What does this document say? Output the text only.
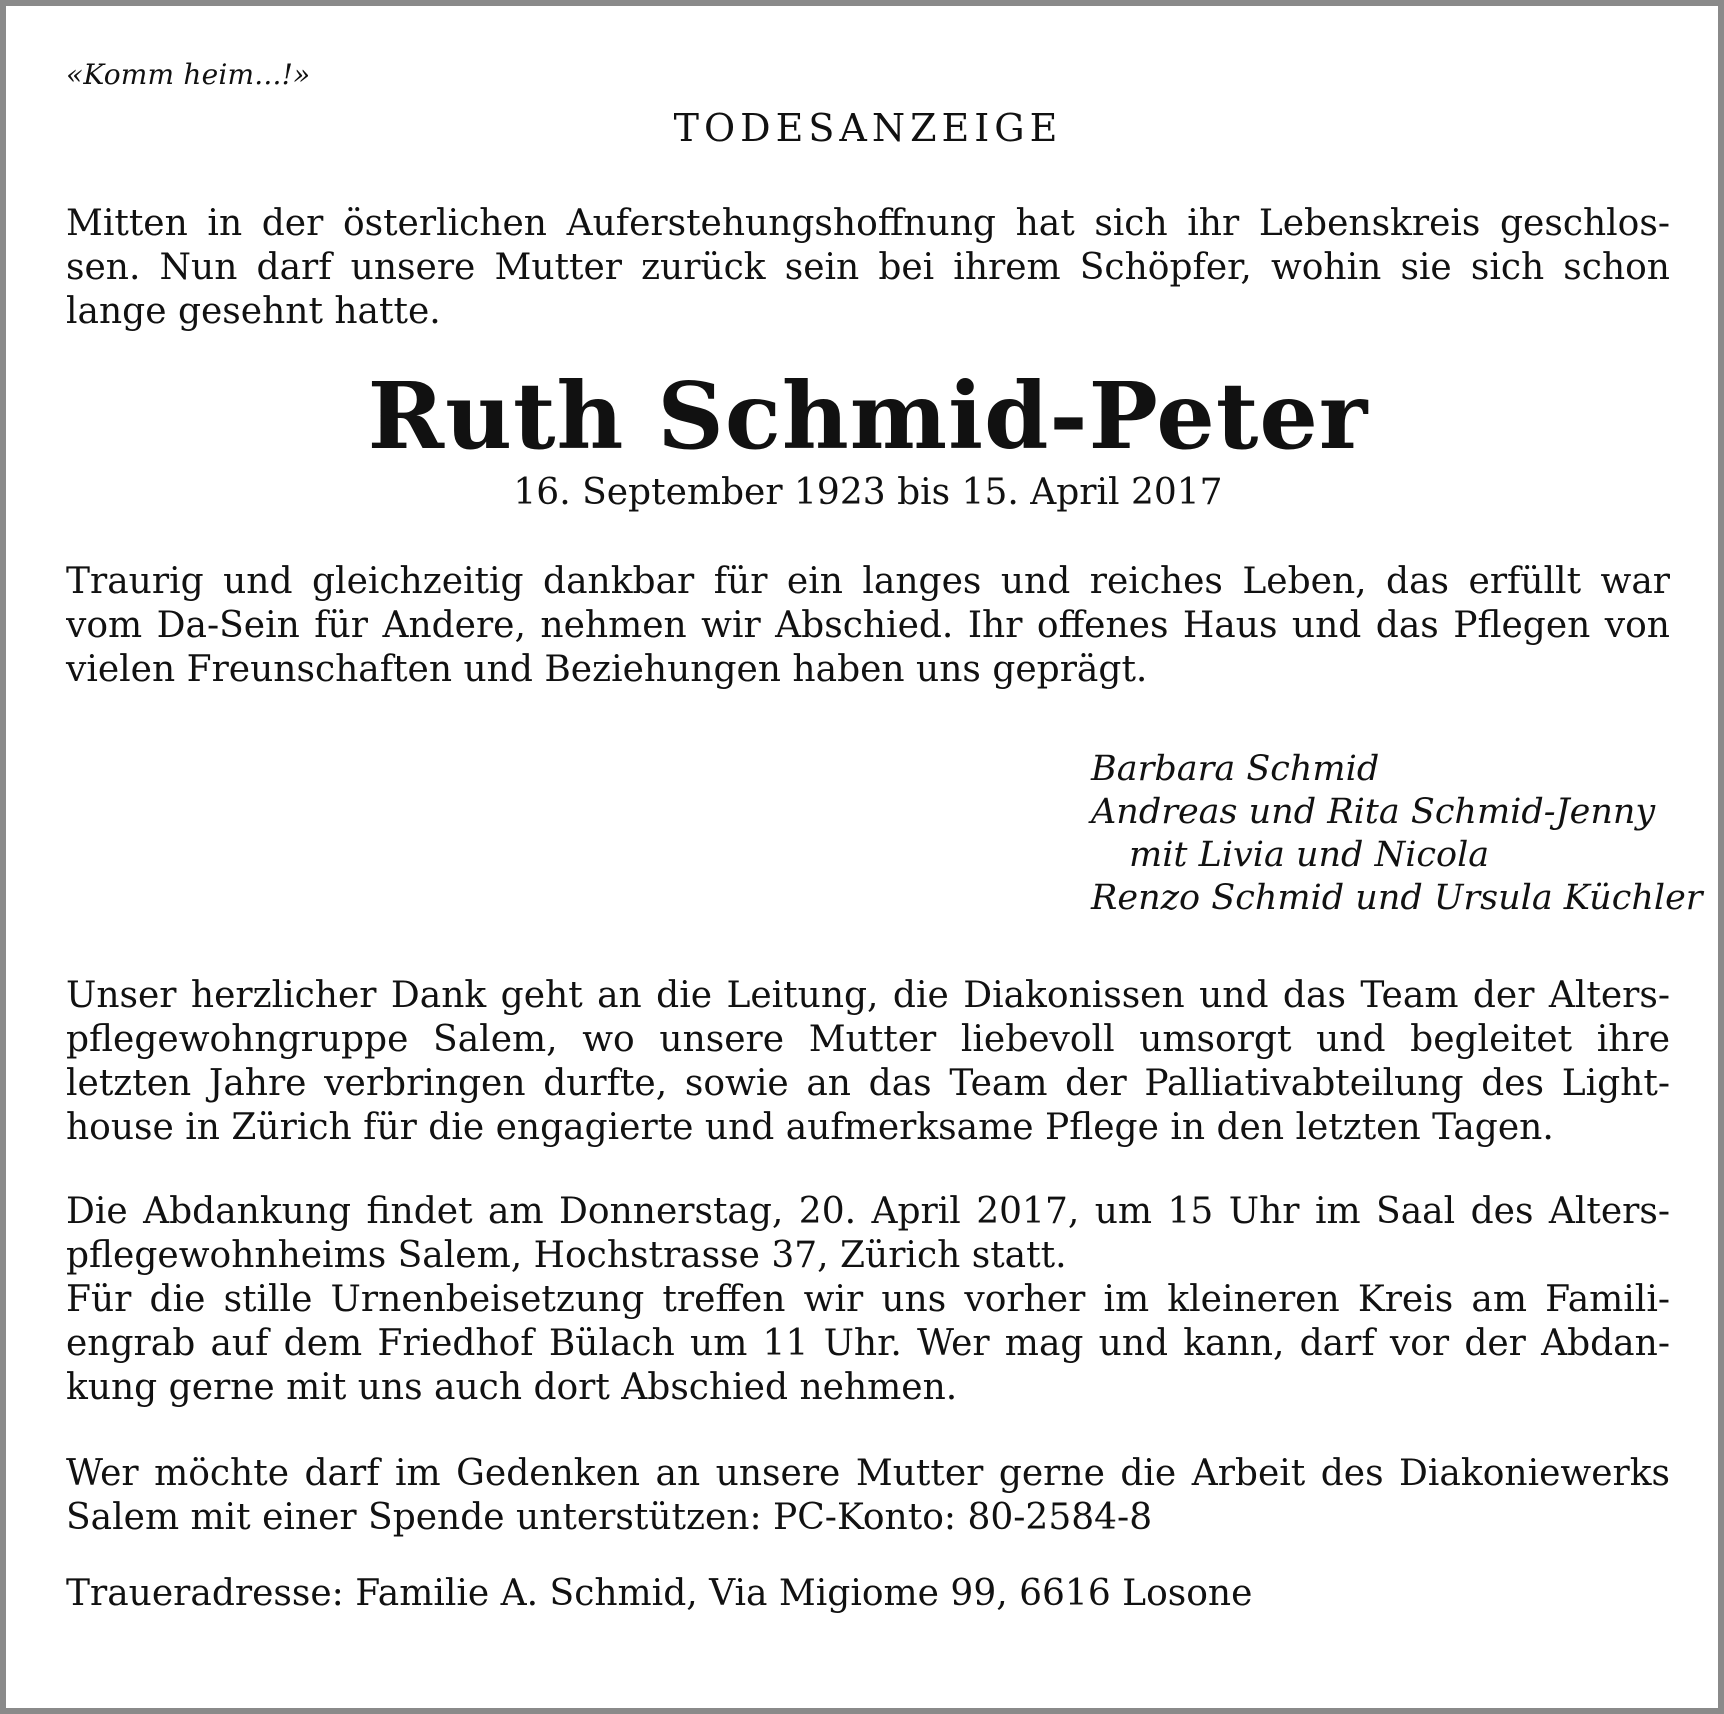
«Komm heim...!»
TODESANZEIGE
Mitten in der österlichen Auferstehungshoffnung hat sich ihr Lebenskreis geschlos-
sen. Nun darf unsere Mutter zurück sein bei ihrem Schöpfer, wohin sie sich schon
lange gesehnt hatte.
Ruth Schmid-Peter
16. September 1923 bis 15. April 2017
Traurig und gleichzeitig dankbar für ein langes und reiches Leben, das erfüllt war
vom Da-Sein für Andere, nehmen wir Abschied. Ihr offenes Haus und das Pflegen von
vielen Freunschaften und Beziehungen haben uns geprägt.
Barbara Schmid
Andreas und Rita Schmid-Jenny
mit Livia und Nicola
Renzo Schmid und Ursula Küchler
Unser herzlicher Dank geht an die Leitung, die Diakonissen und das Team der Alters-
pflegewohngruppe Salem, wo unsere Mutter liebevoll umsorgt und begleitet ihre
letzten Jahre verbringen durfte, sowie an das Team der Palliativabteilung des Light-
house in Zürich für die engagierte und aufmerksame Pflege in den letzten Tagen.
Die Abdankung findet am Donnerstag, 20. April 2017, um 15 Uhr im Saal des Alters-
pflegewohnheims Salem, Hochstrasse 37, Zürich statt.
Für die stille Urnenbeisetzung treffen wir uns vorher im kleineren Kreis am Famili-
engrab auf dem Friedhof Bülach um 11 Uhr. Wer mag und kann, darf vor der Abdan-
kung gerne mit uns auch dort Abschied nehmen.
Wer möchte darf im Gedenken an unsere Mutter gerne die Arbeit des Diakoniewerks
Salem mit einer Spende unterstützen: PC-Konto: 80-2584-8
Traueradresse: Familie A. Schmid, Via Migiome 99, 6616 Losone
